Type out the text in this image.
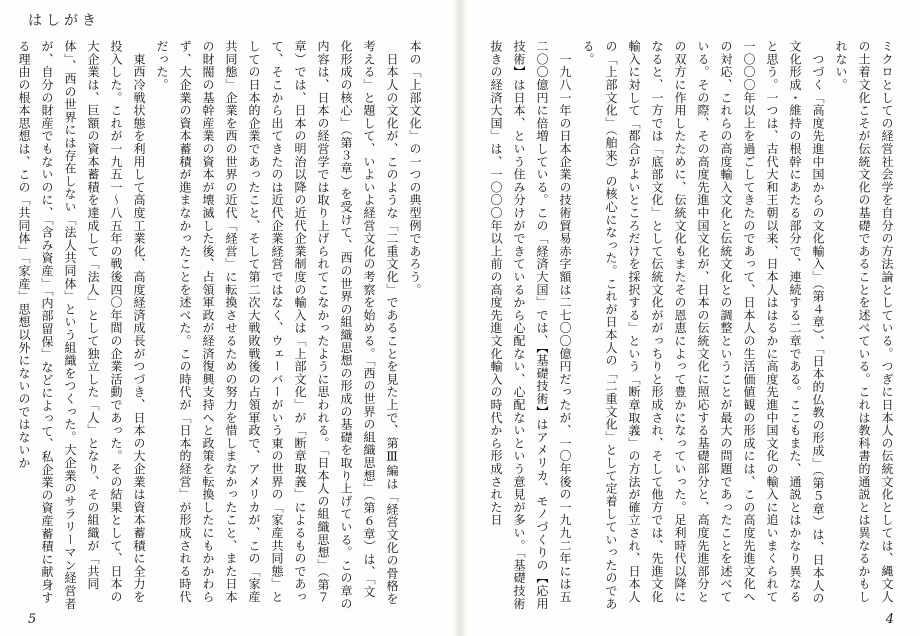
はしがき
本の「上部文化」の一つの典型例であろう。
　日本人の文化が、このような「二重文化」であることを見た上で、第Ⅲ編は「経営文化の骨格を考える」と題して、いよいよ経営文化の考察を始める。「西の世界の組織思想」（第６章）は、「文化形成の核心」（第３章）を受けて、西の世界の組織思想の形成の基礎を取り上げている。この章の内容は、日本の経営学では取り上げられてこなかったように思われる。「日本人の組織思想」（第７章）では、日本の明治以降の近代企業制度の輸入は「上部文化」が「断章取義」によるものであって、そこから出てきたのは近代企業経営ではなく、ウェーバーがいう東の世界の「家産共同態」としての日本的企業であったこと、そして第二次大戦敗戦後の占領軍政で、アメリカが、この「家産共同態」企業を西の世界の近代「経営」に転換させるための努力を惜しまなかったこと、また日本の財閥の基幹産業の資本が壊滅した後、占領軍政が経済復興支持へと政策を転換したにもかかわらず、大企業の資本蓄積が進まなかったことを述べた。この時代が「日本的経営」が形成される時代だった。
　東西冷戦状態を利用して高度工業化、高度経済成長がつづき、日本の大企業は資本蓄積に全力を投入した。これが一九五一〜八五年の戦後四〇年間の企業活動であった。その結果として、日本の大企業は、巨額の資本蓄積を達成して「法人」として独立した「人」となり、その組織が「共同体」、西の世界には存在しない「法人共同体」という組織をつくった。大企業のサラリーマン経営者が、自分の財産でもないのに、「含み資産」「内部留保」などによって、私企業の資産蓄積に献身する理由の根本思想は、この「共同体」「家産」思想以外にないのではないか
5
ミクロとしての経営社会学を自分の方法論としている。つぎに日本人の伝統文化としては、縄文人の土着文化こそが伝統文化の基礎であることを述べている。これは教科書的通説とは異なるかもしれない。
　つづく「高度先進中国からの文化輸入」（第４章）、「日本的仏教の形成」（第５章）は、日本人の文化形成・維持の根幹にあたる部分で、連続する二章である。ここもまた、通説とはかなり異なると思う。一つは、古代大和王朝以来、日本人ははるかに高度先進中国文化の輸入に追いまくられて一〇〇〇年以上を過ごしてきたのであって、日本人の生活価値観の形成には、この高度先進文化への対応、これらの高度輸入文化と伝統文化との調整ということが最大の問題であったことを述べている。その際、その高度先進中国文化が、日本の伝統文化に照応する基礎部分と、高度先進部分との双方に作用したために、伝統文化もまたその恩恵によって豊かになっていった。足利時代以降になると、一方では「底部文化」として伝統文化ががっちりと形成され、そして他方では、先進文化輸入に対して「都合がよいところだけを採択する」という「断章取義」の方法が確立され、日本人の「上部文化」（舶来）の核心になった。これが日本人の「二重文化」として定着していったのである。
　一九八一年の日本企業の技術貿易赤字額は二七〇〇億円だったが、一〇年後の一九九二年には五二〇〇億円に倍増している。この「経済大国」では、【基礎技術】はアメリカ、モノづくりの【応用技術】は日本、という住み分けができているから心配ない、心配ないという意見が多い。「基礎技術抜きの経済大国」は、一〇〇〇年以上前の高度先進文化輸入の時代から形成された日
4
